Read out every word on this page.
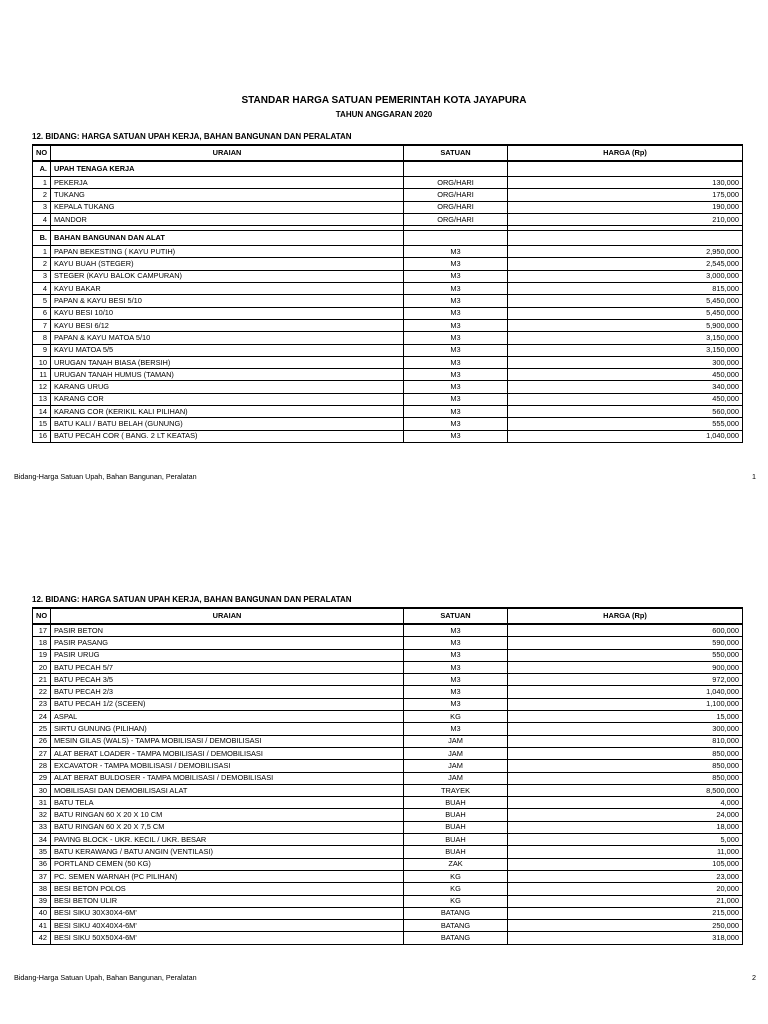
STANDAR HARGA SATUAN PEMERINTAH KOTA JAYAPURA
TAHUN ANGGARAN 2020
12. BIDANG: HARGA SATUAN UPAH KERJA, BAHAN BANGUNAN DAN PERALATAN
NO	URAIAN	SATUAN	HARGA (Rp)
A.	UPAH TENAGA KERJA		
1	PEKERJA	ORG/HARI	130,000
2	TUKANG	ORG/HARI	175,000
3	KEPALA TUKANG	ORG/HARI	190,000
4	MANDOR	ORG/HARI	210,000

B.	BAHAN BANGUNAN DAN ALAT		
1	PAPAN BEKESTING ( KAYU PUTIH)	M3	2,950,000
2	KAYU BUAH (STEGER)	M3	2,545,000
3	STEGER (KAYU BALOK CAMPURAN)	M3	3,000,000
4	KAYU BAKAR	M3	815,000
5	PAPAN & KAYU BESI 5/10	M3	5,450,000
6	KAYU BESI 10/10	M3	5,450,000
7	KAYU BESI 6/12	M3	5,900,000
8	PAPAN & KAYU MATOA 5/10	M3	3,150,000
9	KAYU MATOA 5/5	M3	3,150,000
10	URUGAN TANAH BIASA (BERSIH)	M3	300,000
11	URUGAN TANAH HUMUS (TAMAN)	M3	450,000
12	KARANG URUG	M3	340,000
13	KARANG COR	M3	450,000
14	KARANG COR (KERIKIL KALI PILIHAN)	M3	560,000
15	BATU KALI / BATU BELAH (GUNUNG)	M3	555,000
16	BATU PECAH COR ( BANG. 2 LT KEATAS)	M3	1,040,000
Bidang-Harga Satuan Upah, Bahan Bangunan, Peralatan	1
12. BIDANG: HARGA SATUAN UPAH KERJA, BAHAN BANGUNAN DAN PERALATAN
NO	URAIAN	SATUAN	HARGA (Rp)
17	PASIR BETON	M3	600,000
18	PASIR PASANG	M3	590,000
19	PASIR URUG	M3	550,000
20	BATU PECAH 5/7	M3	900,000
21	BATU PECAH 3/5	M3	972,000
22	BATU PECAH 2/3	M3	1,040,000
23	BATU PECAH 1/2 (SCEEN)	M3	1,100,000
24	ASPAL	KG	15,000
25	SIRTU GUNUNG (PILIHAN)	M3	300,000
26	MESIN GILAS (WALS) - TAMPA MOBILISASI / DEMOBILISASI	JAM	810,000
27	ALAT BERAT LOADER - TAMPA MOBILISASI / DEMOBILISASI	JAM	850,000
28	EXCAVATOR - TAMPA MOBILISASI / DEMOBILISASI	JAM	850,000
29	ALAT BERAT BULDOSER - TAMPA MOBILISASI / DEMOBILISASI	JAM	850,000
30	MOBILISASI DAN DEMOBILISASI ALAT	TRAYEK	8,500,000
31	BATU TELA	BUAH	4,000
32	BATU RINGAN 60 X 20 X 10 CM	BUAH	24,000
33	BATU RINGAN 60 X 20 X 7,5 CM	BUAH	18,000
34	PAVING BLOCK - UKR. KECIL / UKR. BESAR	BUAH	5,000
35	BATU KERAWANG / BATU ANGIN (VENTILASI)	BUAH	11,000
36	PORTLAND CEMEN (50 KG)	ZAK	105,000
37	PC. SEMEN WARNAH (PC PILIHAN)	KG	23,000
38	BESI BETON POLOS	KG	20,000
39	BESI BETON ULIR	KG	21,000
40	BESI SIKU 30X30X4-6M'	BATANG	215,000
41	BESI SIKU 40X40X4-6M'	BATANG	250,000
42	BESI SIKU 50X50X4-6M'	BATANG	318,000
Bidang-Harga Satuan Upah, Bahan Bangunan, Peralatan	2
